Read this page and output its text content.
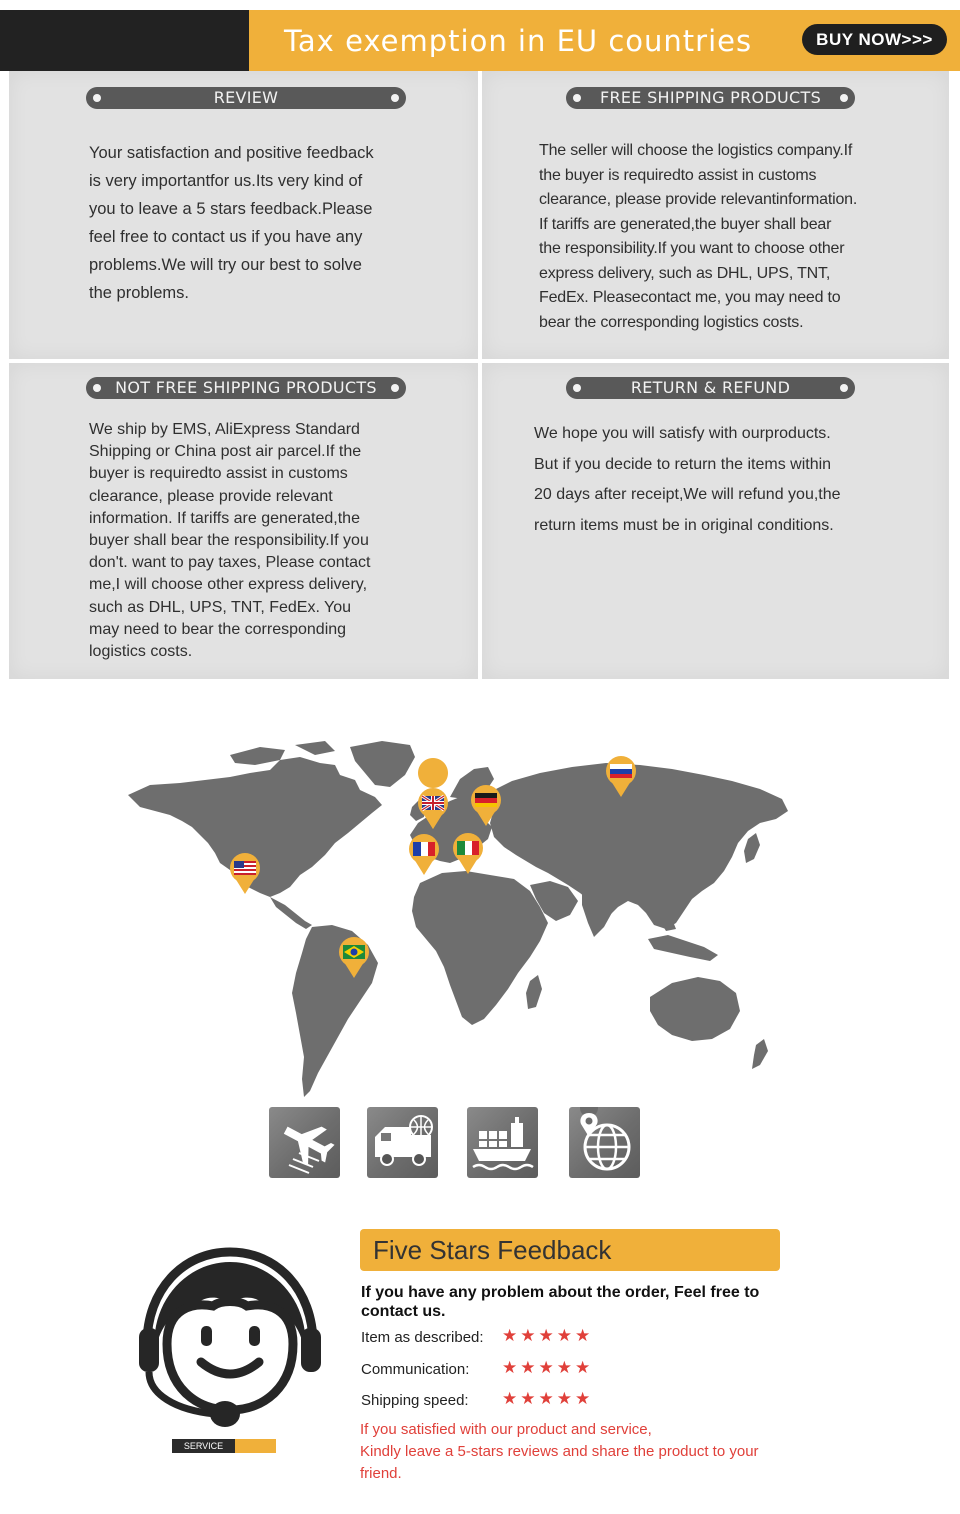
Tax exemption in EU countries	BUY NOW>>>
REVIEW
Your satisfaction and positive feedback
is very importantfor us.Its very kind of
you to leave a 5 stars feedback.Please
feel free to contact us if you have any
problems.We will try our best to solve
the problems.
FREE SHIPPING PRODUCTS
The seller will choose the logistics company.If
the buyer is requiredto assist in customs
clearance, please provide relevantinformation.
If tariffs are generated,the buyer shall bear
the responsibility.If you want to choose other
express delivery, such as DHL, UPS, TNT,
FedEx. Pleasecontact me, you may need to
bear the corresponding logistics costs.
NOT FREE SHIPPING PRODUCTS
We ship by EMS, AliExpress Standard
Shipping or China post air parcel.If the
buyer is requiredto assist in customs
clearance, please provide relevant
information. If tariffs are generated,the
buyer shall bear the responsibility.If you
don't. want to pay taxes, Please contact
me,I will choose other express delivery,
such as DHL, UPS, TNT, FedEx. You
may need to bear the corresponding
logistics costs.
RETURN & REFUND
We hope you will satisfy with ourproducts.
But if you decide to return the items within
20 days after receipt,We will refund you,the
return items must be in original conditions.
SERVICE
Five Stars Feedback
If you have any problem about the order, Feel free to contact us.
Item as described: ★★★★★
Communication: ★★★★★
Shipping speed: ★★★★★
If you satisfied with our product and service,
Kindly leave a 5-stars reviews and share the product to your
friend.
